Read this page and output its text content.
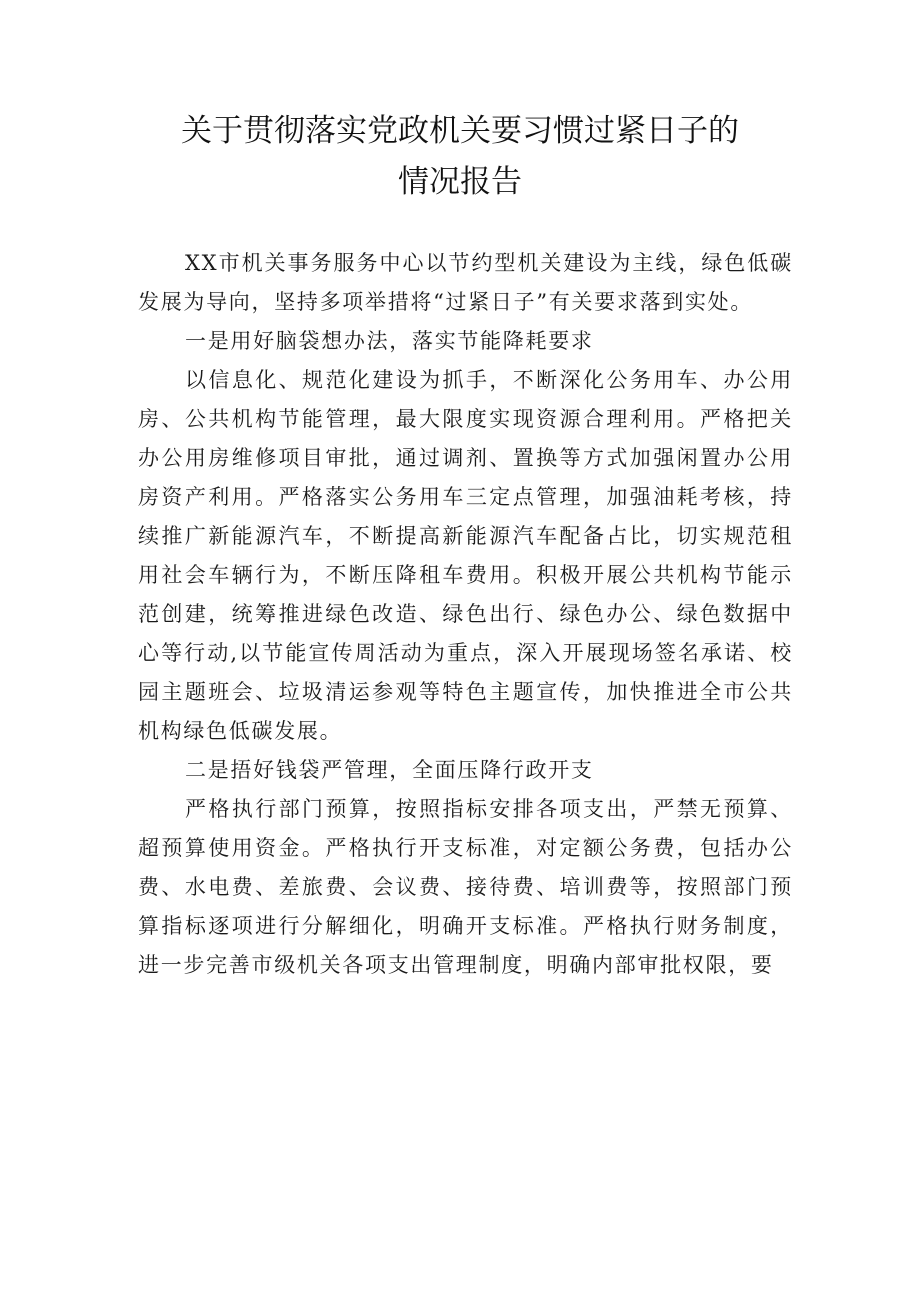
关于贯彻落实党政机关要习惯过紧日子的
情况报告

XX市机关事务服务中心以节约型机关建设为主线，绿色低碳发展为导向，坚持多项举措将“过紧日子”有关要求落到实处。

一是用好脑袋想办法，落实节能降耗要求

以信息化、规范化建设为抓手，不断深化公务用车、办公用房、公共机构节能管理，最大限度实现资源合理利用。严格把关办公用房维修项目审批，通过调剂、置换等方式加强闲置办公用房资产利用。严格落实公务用车三定点管理，加强油耗考核，持续推广新能源汽车，不断提高新能源汽车配备占比，切实规范租用社会车辆行为，不断压降租车费用。积极开展公共机构节能示范创建，统筹推进绿色改造、绿色出行、绿色办公、绿色数据中心等行动,以节能宣传周活动为重点，深入开展现场签名承诺、校园主题班会、垃圾清运参观等特色主题宣传，加快推进全市公共机构绿色低碳发展。

二是捂好钱袋严管理，全面压降行政开支

严格执行部门预算，按照指标安排各项支出，严禁无预算、超预算使用资金。严格执行开支标准，对定额公务费，包括办公费、水电费、差旅费、会议费、接待费、培训费等，按照部门预算指标逐项进行分解细化，明确开支标准。严格执行财务制度，进一步完善市级机关各项支出管理制度，明确内部审批权限，要
